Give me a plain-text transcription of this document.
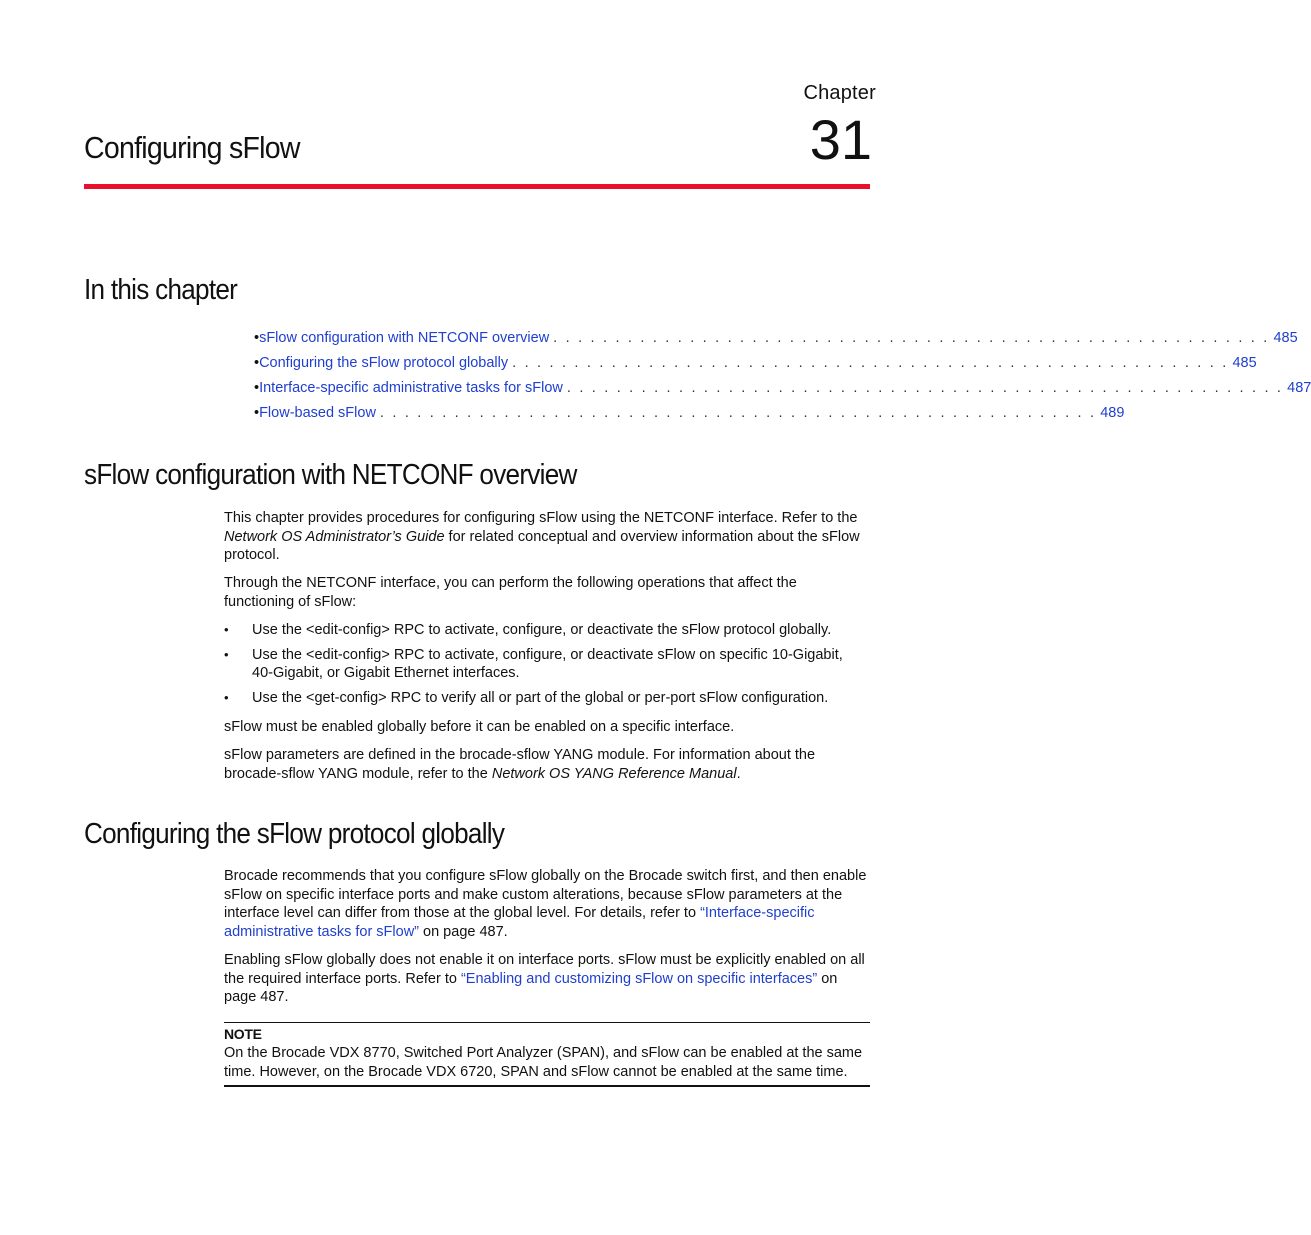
Chapter
31
Configuring sFlow
In this chapter
• sFlow configuration with NETCONF overview . . . . . . . . . . . . . . . . . . . . . . . . . . . . . . . . . . . . . . . . . . . . . . . . . . . . . . . . . . 485
• Configuring the sFlow protocol globally . . . . . . . . . . . . . . . . . . . . . . . . . . . . . . . . . . . . . . . . . . . . . . . . . . . . . . . . . . 485
• Interface-specific administrative tasks for sFlow . . . . . . . . . . . . . . . . . . . . . . . . . . . . . . . . . . . . . . . . . . . . . . . . . . . . . . . . . . 487
• Flow-based sFlow . . . . . . . . . . . . . . . . . . . . . . . . . . . . . . . . . . . . . . . . . . . . . . . . . . . . . . . . . . 489
sFlow configuration with NETCONF overview

This chapter provides procedures for configuring sFlow using the NETCONF interface. Refer to the Network OS Administrator’s Guide for related conceptual and overview information about the sFlow protocol.

Through the NETCONF interface, you can perform the following operations that affect the functioning of sFlow:

•	Use the <edit-config> RPC to activate, configure, or deactivate the sFlow protocol globally.
•	Use the <edit-config> RPC to activate, configure, or deactivate sFlow on specific 10-Gigabit, 40-Gigabit, or Gigabit Ethernet interfaces.
•	Use the <get-config> RPC to verify all or part of the global or per-port sFlow configuration.

sFlow must be enabled globally before it can be enabled on a specific interface.

sFlow parameters are defined in the brocade-sflow YANG module. For information about the brocade-sflow YANG module, refer to the Network OS YANG Reference Manual.

Configuring the sFlow protocol globally

Brocade recommends that you configure sFlow globally on the Brocade switch first, and then enable sFlow on specific interface ports and make custom alterations, because sFlow parameters at the interface level can differ from those at the global level. For details, refer to “Interface-specific administrative tasks for sFlow” on page 487.

Enabling sFlow globally does not enable it on interface ports. sFlow must be explicitly enabled on all the required interface ports. Refer to “Enabling and customizing sFlow on specific interfaces” on page 487.

NOTE
On the Brocade VDX 8770, Switched Port Analyzer (SPAN), and sFlow can be enabled at the same time. However, on the Brocade VDX 6720, SPAN and sFlow cannot be enabled at the same time.
